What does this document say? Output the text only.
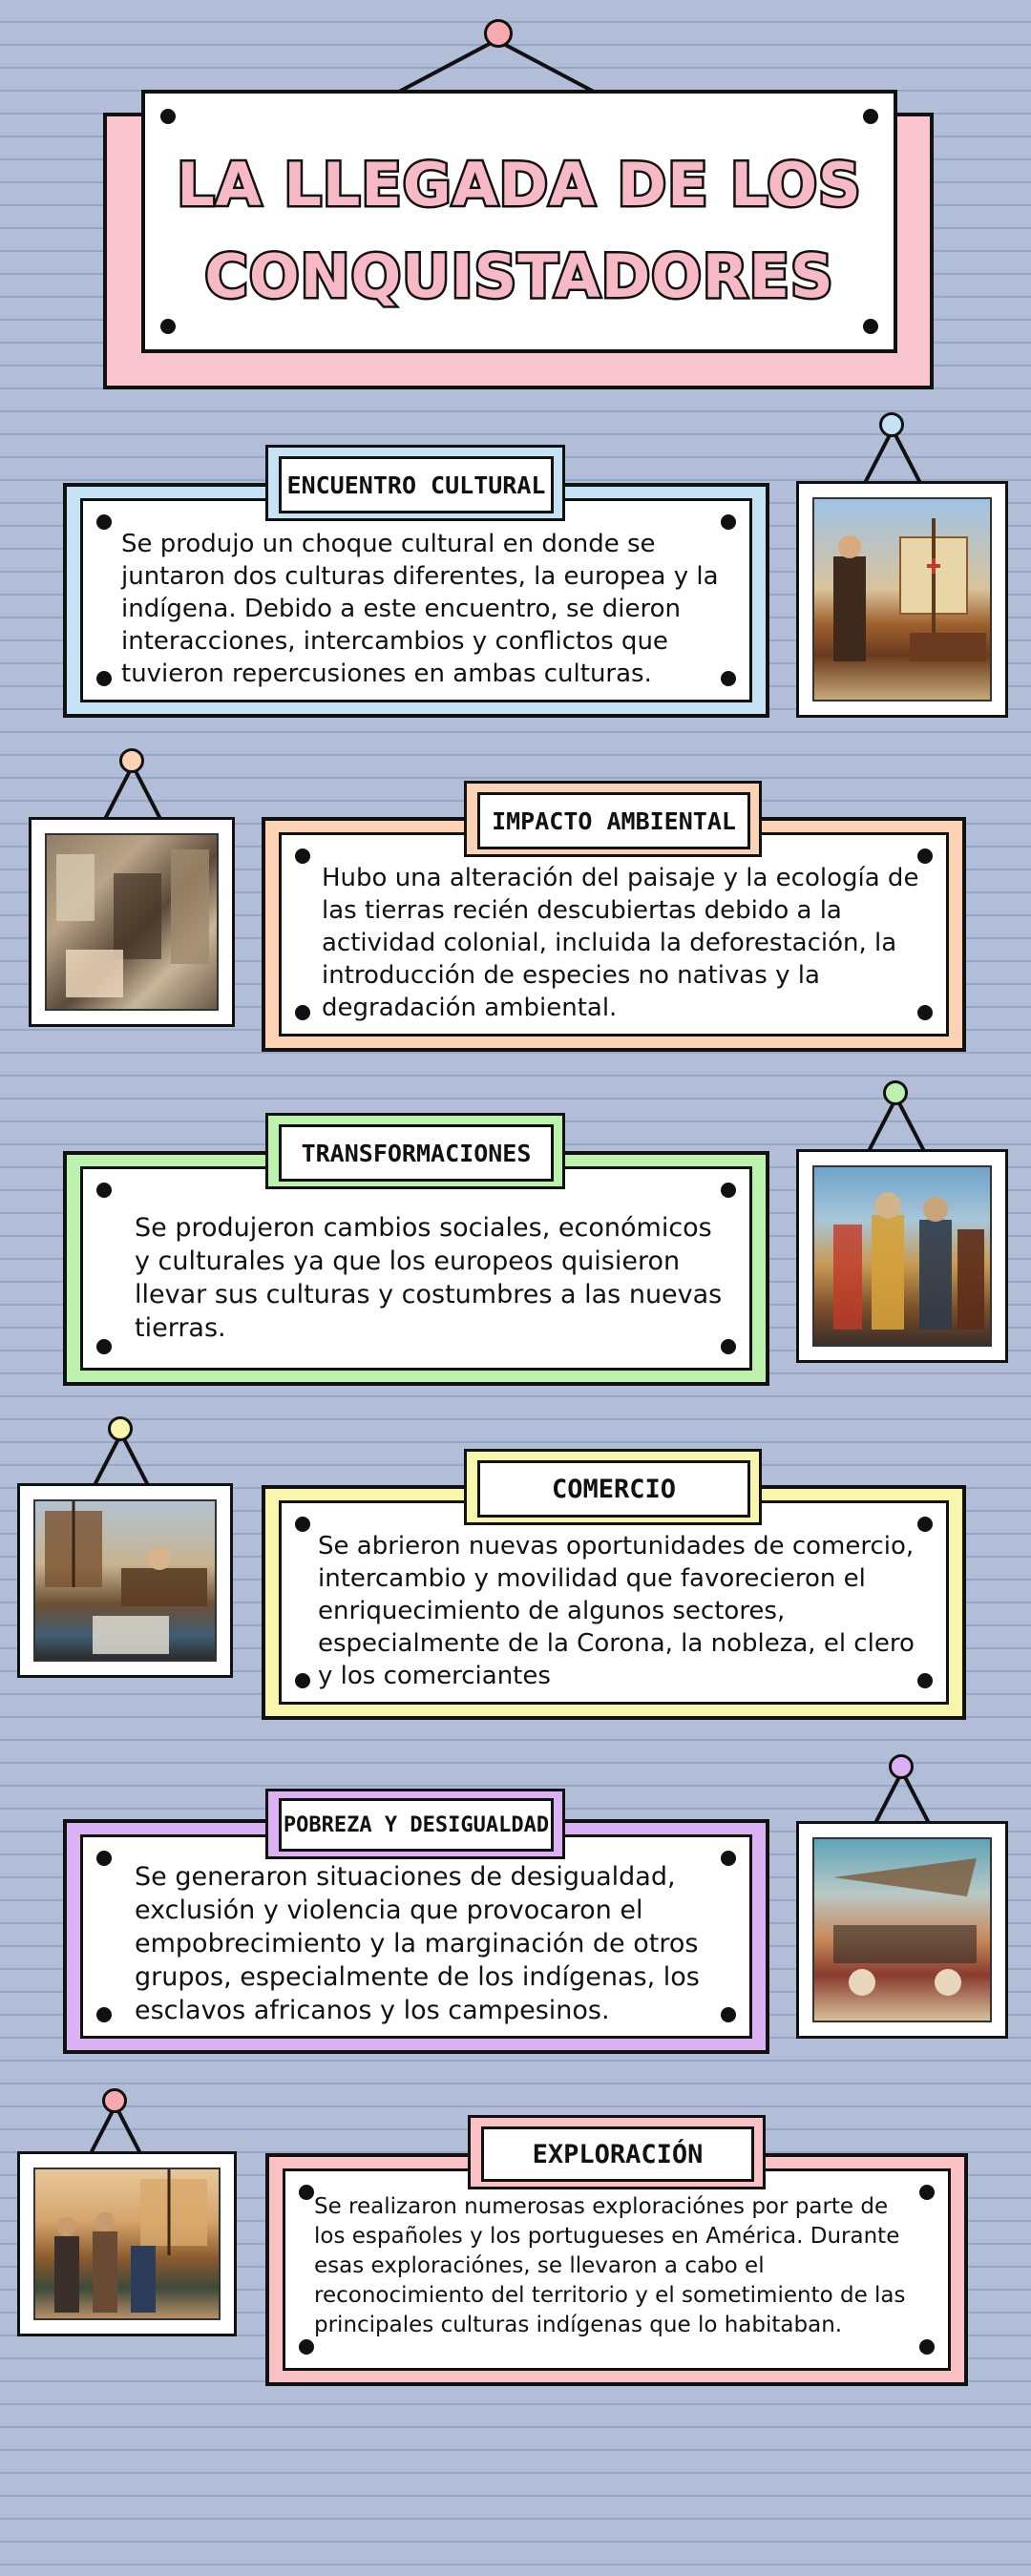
LA LLEGADA DE LOS
CONQUISTADORES
Se produjo un choque cultural en donde se juntaron dos culturas diferentes, la europea y la indígena. Debido a este encuentro, se dieron interacciones, intercambios y conflictos que tuvieron repercusiones en ambas culturas.
ENCUENTRO CULTURAL
Hubo una alteración del paisaje y la ecología de las tierras recién descubiertas debido a la actividad colonial, incluida la deforestación, la introducción de especies no nativas y la degradación ambiental.
IMPACTO AMBIENTAL
Se produjeron cambios sociales, económicos y culturales ya que los europeos quisieron llevar sus culturas y costumbres a las nuevas tierras.
TRANSFORMACIONES
Se abrieron nuevas oportunidades de comercio, intercambio y movilidad que favorecieron el enriquecimiento de algunos sectores, especialmente de la Corona, la nobleza, el clero y los comerciantes
COMERCIO
Se generaron situaciones de desigualdad, exclusión y violencia que provocaron el empobrecimiento y la marginación de otros grupos, especialmente de los indígenas, los esclavos africanos y los campesinos.
POBREZA Y DESIGUALDAD
Se realizaron numerosas exploraciónes por parte de los españoles y los portugueses en América. Durante esas exploraciónes, se llevaron a cabo el reconocimiento del territorio y el sometimiento de las principales culturas indígenas que lo habitaban.
EXPLORACIÓN
